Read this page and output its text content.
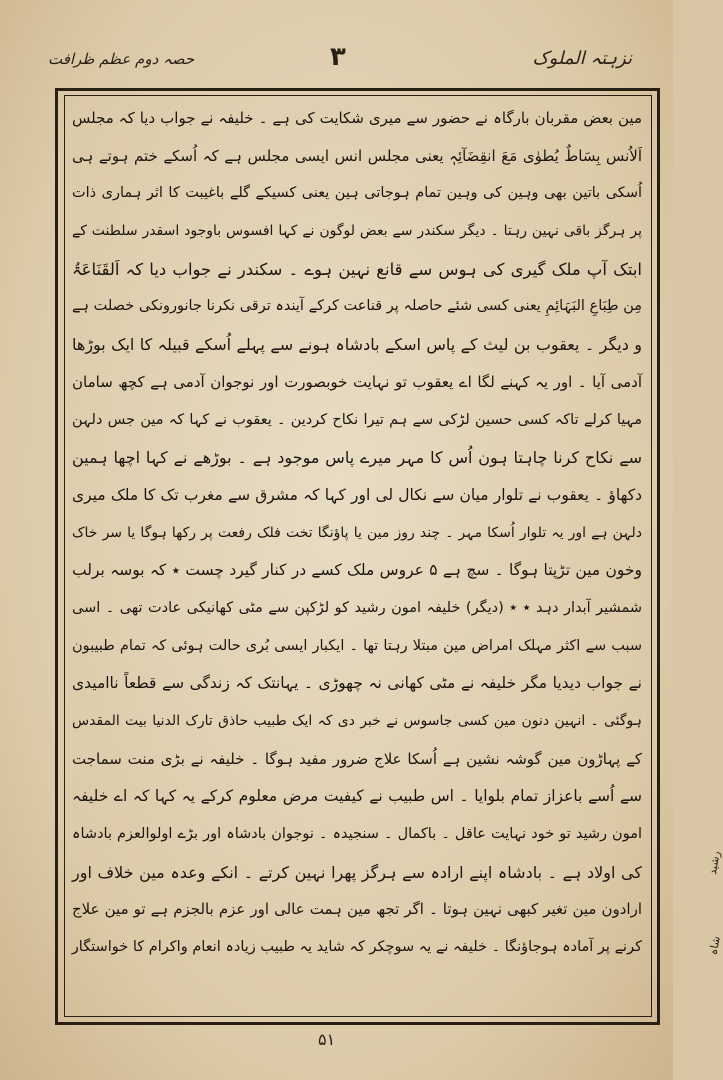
نزہتہ الملوک
۳
حصہ دوم عظم ظرافت
مین بعض مقربان بارگاہ نے حضور سے میری شکایت کی ہے ۔ خلیفہ نے جواب دیا کہ مجلس
اَلاُنس بِسَاطٌ یُطوٰی مَعَ انقِضَآئِہٖ یعنی مجلس انس ایسی مجلس ہے کہ اُسکے ختم ہوتے ہی
اُسکی باتین بھی وہین کی وہین تمام ہوجاتی ہین یعنی کسیکے گلے باغیبت کا اثر ہماری ذات
پر ہرگز باقی نہین رہتا ۔ دیگر سکندر سے بعض لوگون نے کہا افسوس باوجود اسقدر سلطنت کے
ابتک آپ ملک گیری کی ہوس سے قانع نہین ہوے ۔ سکندر نے جواب دیا کہ اَلقَنَاعَۃُ
مِن طِبَاعِ البَہَائِمِ یعنی کسی شئے حاصلہ پر قناعت کرکے آیندہ ترقی نکرنا جانورونکی خصلت ہے
و دیگر ۔ یعقوب بن لیث کے پاس اسکے بادشاہ ہونے سے پہلے اُسکے قبیلہ کا ایک بوڑھا
آدمی آیا ۔ اور یہ کہنے لگا اے یعقوب تو نہایت خوبصورت اور نوجوان آدمی ہے کچھ سامان
مہیا کرلے تاکہ کسی حسین لڑکی سے ہم تیرا نکاح کردین ۔ یعقوب نے کہا کہ مین جس دلہن
سے نکاح کرنا چاہتا ہون اُس کا مہر میرے پاس موجود ہے ۔ بوڑھے نے کہا اچھا ہمین
دکھاؤ ۔ یعقوب نے تلوار میان سے نکال لی اور کہا کہ مشرق سے مغرب تک کا ملک میری
دلہن ہے اور یہ تلوار اُسکا مہر ۔ چند روز مین یا پاؤنگا تخت فلک رفعت پر رکھا ہوگا یا سر خاک
وخون مین تڑپتا ہوگا ۔ سچ ہے ۵ عروس ملک کسے در کنار گیرد چست ٭ کہ بوسہ برلب
شمشیر آبدار دہد ٭ ٭ (دیگر) خلیفہ امون رشید کو لڑکپن سے مٹی کھانیکی عادت تھی ۔ اسی
سبب سے اکثر مہلک امراض مین مبتلا رہتا تھا ۔ ایکبار ایسی بُری حالت ہوئی کہ تمام طبیبون
نے جواب دیدیا مگر خلیفہ نے مٹی کھانی نہ چھوڑی ۔ یہانتک کہ زندگی سے قطعاً ناامیدی
ہوگئی ۔ انہین دنون مین کسی جاسوس نے خبر دی کہ ایک طبیب حاذق تارک الدنیا بیت المقدس
کے پہاڑون مین گوشہ نشین ہے اُسکا علاج ضرور مفید ہوگا ۔ خلیفہ نے بڑی منت سماجت
سے اُسے باعزاز تمام بلوایا ۔ اس طبیب نے کیفیت مرض معلوم کرکے یہ کہا کہ اے خلیفہ
امون رشید تو خود نہایت عاقل ۔ باکمال ۔ سنجیدہ ۔ نوجوان بادشاہ اور بڑے اولوالعزم بادشاہ
کی اولاد ہے ۔ بادشاہ اپنے ارادہ سے ہرگز پھرا نہین کرتے ۔ انکے وعدہ مین خلاف اور
ارادون مین تغیر کبھی نہین ہوتا ۔ اگر تجھ مین ہمت عالی اور عزم بالجزم ہے تو مین علاج
کرنے پر آمادہ ہوجاؤنگا ۔ خلیفہ نے یہ سوچکر کہ شاید یہ طبیب زیادہ انعام واکرام کا خواستگار
رشید
شاہ
۵۱
